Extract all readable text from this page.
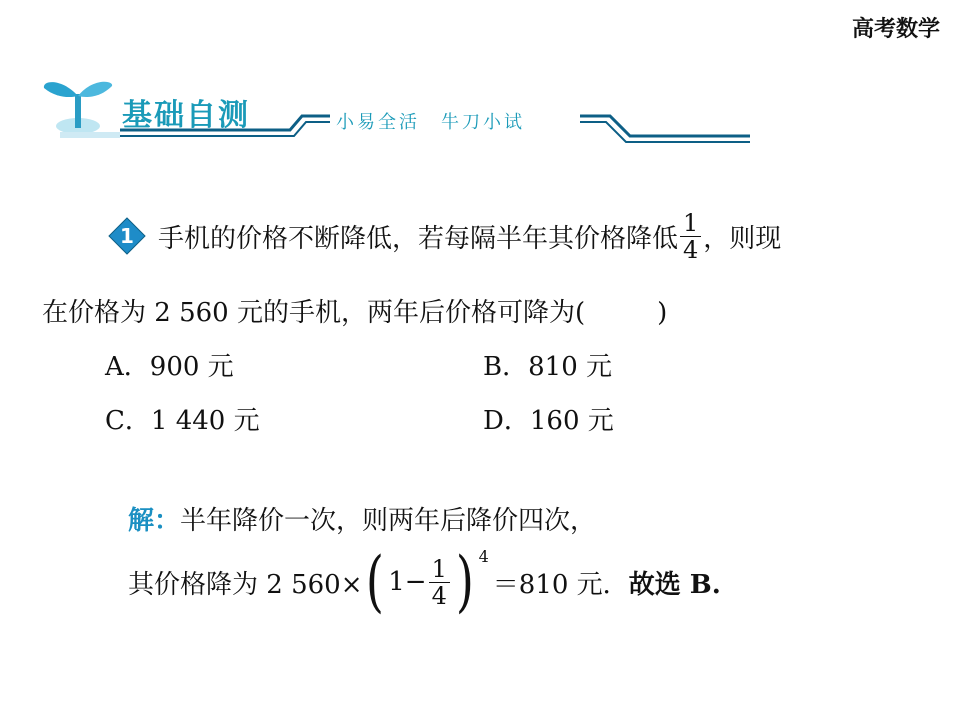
高考数学
基础自测	小易全活　牛刀小试
1 手机的价格不断降低，若每隔半年其价格降低 $\frac{1}{4}$ ，则现
在价格为 2 560 元的手机，两年后价格可降为(	)
A．900 元	B．810 元
C．1 440 元	D．160 元
解：半年降价一次，则两年后降价四次，
其价格降为 2 560× ( $1- \frac{1}{4}$ ) 4
＝810 元． 故选 B.
